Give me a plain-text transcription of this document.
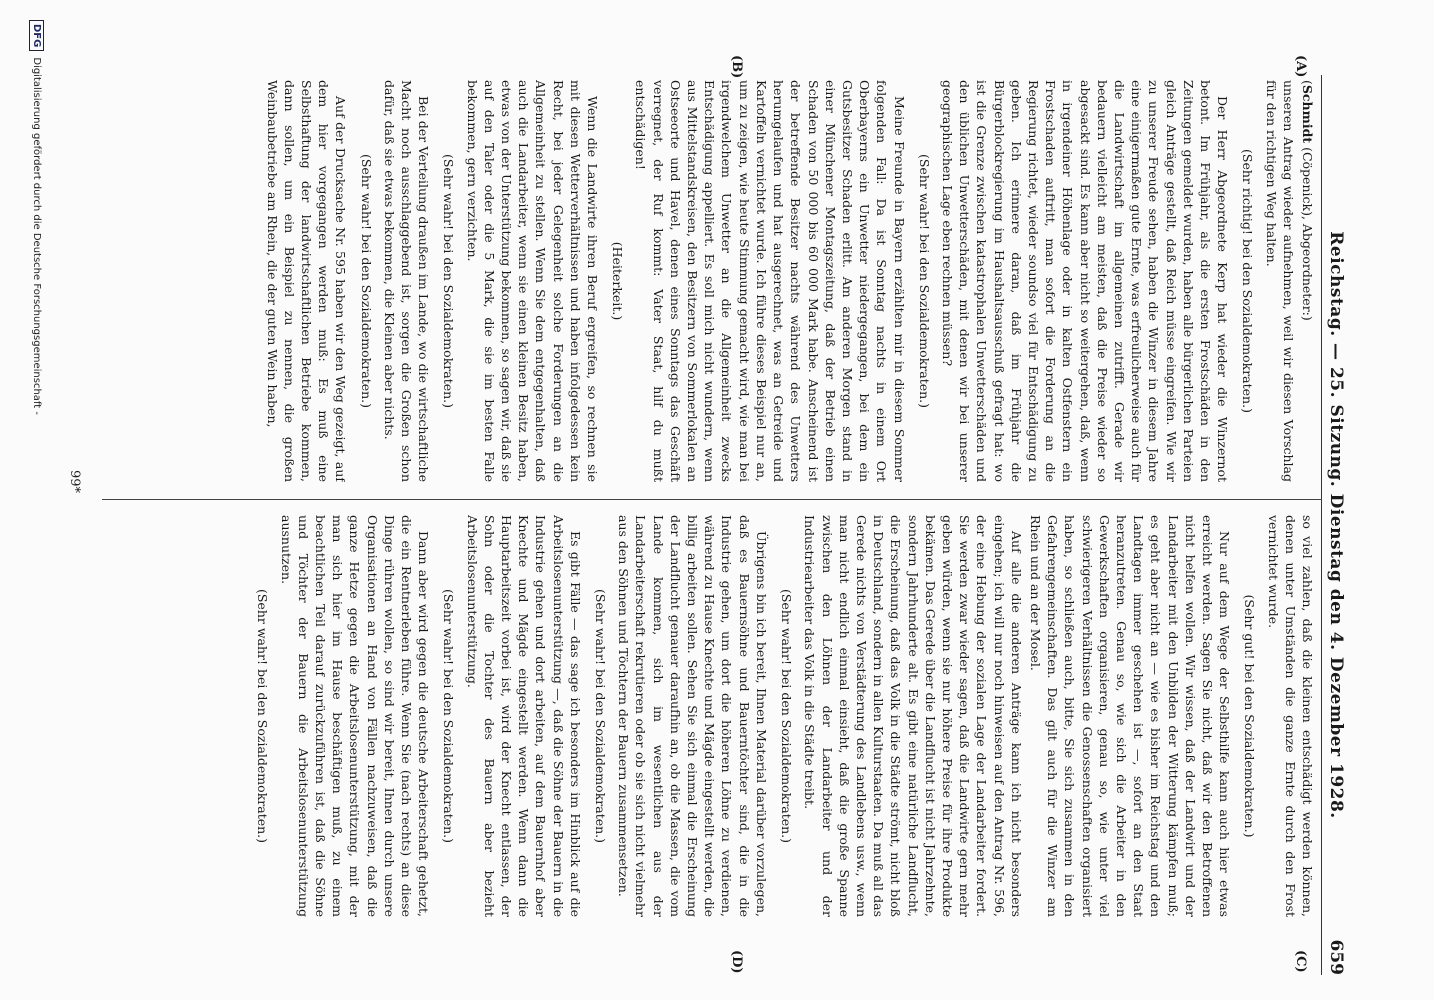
Reichstag. — 25. Sitzung. Dienstag den 4. Dezember 1928.
659
(A)
(B)
(C)
(D)

(Schmidt (Cöpenick), Abgeordneter:)

unseren Antrag wieder aufnehmen, weil wir diesen Vorschlag für den richtigen Weg halten.

(Sehr richtig! bei den Sozialdemokraten.)

Der Herr Abgeordnete Kerp hat wieder die Winzernot betont. Im Frühjahr, als die ersten Frostschäden in den Zeitungen gemeldet wurden, haben alle bürgerlichen Parteien gleich Anträge gestellt, daß Reich müsse eingreifen. Wie wir zu unserer Freude sehen, haben die Winzer in diesem Jahre eine einigermaßen gute Ernte, was erfreulicherweise auch für die Landwirtschaft im allgemeinen zutrifft. Gerade wir bedauern vielleicht am meisten, daß die Preise wieder so abgesackt sind. Es kann aber nicht so weitergehen, daß, wenn in irgendeiner Höhenlage oder in kalten Ostfenstern ein Frostschaden auftritt, man sofort die Forderung an die Regierung richtet, wieder soundso viel für Entschädigung zu geben. Ich erinnere daran, daß im Frühjahr die Bürgerblockregierung im Haushaltsausschuß gefragt hat: wo ist die Grenze zwischen katastrophalen Unwetterschäden und den üblichen Unwetterschäden, mit denen wir bei unserer geographischen Lage eben rechnen müssen?

(Sehr wahr! bei den Sozialdemokraten.)

Meine Freunde in Bayern erzählten mir in diesem Sommer folgenden Fall: Da ist Sonntag nachts in einem Ort Oberbayerns ein Unwetter niedergegangen, bei dem ein Gutsbesitzer Schaden erlitt. Am anderen Morgen stand in einer Münchener Montagszeitung, daß der Betrieb einen Schaden von 50 000 bis 60 000 Mark habe. Anscheinend ist der betreffende Besitzer nachts während des Unwetters herumgelaufen und hat ausgerechnet, was an Getreide und Kartoffeln vernichtet wurde. Ich führe dieses Beispiel nur an, um zu zeigen, wie heute Stimmung gemacht wird, wie man bei irgendwelchem Unwetter an die Allgemeinheit zwecks Entschädigung appelliert. Es soll mich nicht wundern, wenn aus Mittelstandskreisen, den Besitzern von Sommerlokalen an Ostseeorte und Havel, denen eines Sonntags das Geschäft verregnet, der Ruf kommt: Vater Staat, hilf du mußt entschädigen!

(Heiterkeit.)

Wenn die Landwirte ihren Beruf ergreifen, so rechnen sie mit diesen Wetterverhältnissen und haben infolgedessen kein Recht, bei jeder Gelegenheit solche Forderungen an die Allgemeinheit zu stellen. Wenn Sie dem entgegenhalten, daß auch die Landarbeiter, wenn sie einen kleinen Besitz haben, etwas von der Unterstützung bekommen, so sagen wir, daß sie auf den Taler oder die 5 Mark, die sie im besten Falle bekommen, gern verzichten.

(Sehr wahr! bei den Sozialdemokraten.)

Bei der Verteilung draußen im Lande, wo die wirtschaftliche Macht noch ausschlaggebend ist, sorgen die Großen schon dafür, daß sie etwas bekommen, die Kleinen aber nichts.

(Sehr wahr! bei den Sozialdemokraten.)

Auf der Drucksache Nr. 595 haben wir den Weg gezeigt, auf dem hier vorgegangen werden muß: Es muß eine Selbsthaftung der landwirtschaftlichen Betriebe kommen, dann sollen, um ein Beispiel zu nennen, die großen Weinbaubetriebe am Rhein, die der guten Wein haben,

so viel zahlen, daß die kleinen entschädigt werden können, denen unter Umständen die ganze Ernte durch den Frost vernichtet wurde.

(Sehr gut! bei den Sozialdemokraten.)

Nur auf dem Wege der Selbsthilfe kann auch hier etwas erreicht werden. Sagen Sie nicht, daß wir den Betroffenen nicht helfen wollen. Wir wissen, daß der Landwirt und der Landarbeiter mit den Unbilden der Witterung kämpfen muß; es geht aber nicht an — wie es bisher im Reichstag und den Landtagen immer geschehen ist —, sofort an den Staat heranzutreten. Genau so, wie sich die Arbeiter in den Gewerkschaften organisieren, genau so, wie unter viel schwierigeren Verhältnissen die Genossenschaften organisiert haben, so schließen auch, bitte, Sie sich zusammen in den Gefahrengemeinschaften. Das gilt auch für die Winzer am Rhein und an der Mosel.

Auf alle die anderen Anträge kann ich nicht besonders eingehen; ich will nur noch hinweisen auf den Antrag Nr. 596, der eine Hebung der sozialen Lage der Landarbeiter fordert. Sie werden zwar wieder sagen, daß die Landwirte gern mehr geben würden, wenn sie nur höhere Preise für ihre Produkte bekämen. Das Gerede über die Landflucht ist nicht Jahrzehnte, sondern Jahrhunderte alt. Es gibt eine natürliche Landflucht, die Erscheinung, daß das Volk in die Städte strömt, nicht bloß in Deutschland, sondern in allen Kulturstaaten. Da muß all das Gerede nichts von Verstädterung des Landlebens usw., wenn man nicht endlich einmal einsieht, daß die große Spanne zwischen den Löhnen der Landarbeiter und der Industriearbeiter das Volk in die Städte treibt.

(Sehr wahr! bei den Sozialdemokraten.)

Übrigens bin ich bereit, Ihnen Material darüber vorzulegen, daß es Bauernsöhne und Bauerntöchter sind, die in die Industrie gehen, um dort die höheren Löhne zu verdienen, während zu Hause Knechte und Mägde eingestellt werden, die billig arbeiten sollen. Sehen Sie sich einmal die Erscheinung der Landflucht genauer daraufhin an, ob die Massen, die vom Lande kommen, sich im wesentlichen aus der Landarbeiterschaft rekrutieren oder ob sie sich nicht vielmehr aus den Söhnen und Töchtern der Bauern zusammensetzen.

(Sehr wahr! bei den Sozialdemokraten.)

Es gibt Fälle — das sage ich besonders im Hinblick auf die Arbeitslosenunterstützung —, daß die Söhne der Bauern in die Industrie gehen und dort arbeiten, auf dem Bauernhof aber Knechte und Mägde eingestellt werden. Wenn dann die Hauptarbeitszeit vorbei ist, wird der Knecht entlassen, der Sohn oder die Tochter des Bauern aber bezieht Arbeitslosenunterstützung.

(Sehr wahr! bei den Sozialdemokraten.)

Dann aber wird gegen die deutsche Arbeiterschaft gehetzt, die ein Rentnerleben führe. Wenn Sie (nach rechts) an diese Dinge rühren wollen, so sind wir bereit, Ihnen durch unsere Organisationen an Hand von Fällen nachzuweisen, daß die ganze Hetze gegen die Arbeitslosenunterstützung, mit der man sich hier im Hause beschäftigen muß, zu einem beachtlichen Teil darauf zurückzuführen ist, daß die Söhne und Töchter der Bauern die Arbeitslosenunterstützung ausnutzen.

(Sehr wahr! bei den Sozialdemokraten.)

99*
DFG
Digitalisierung gefördert durch die Deutsche Forschungsgemeinschaft -
